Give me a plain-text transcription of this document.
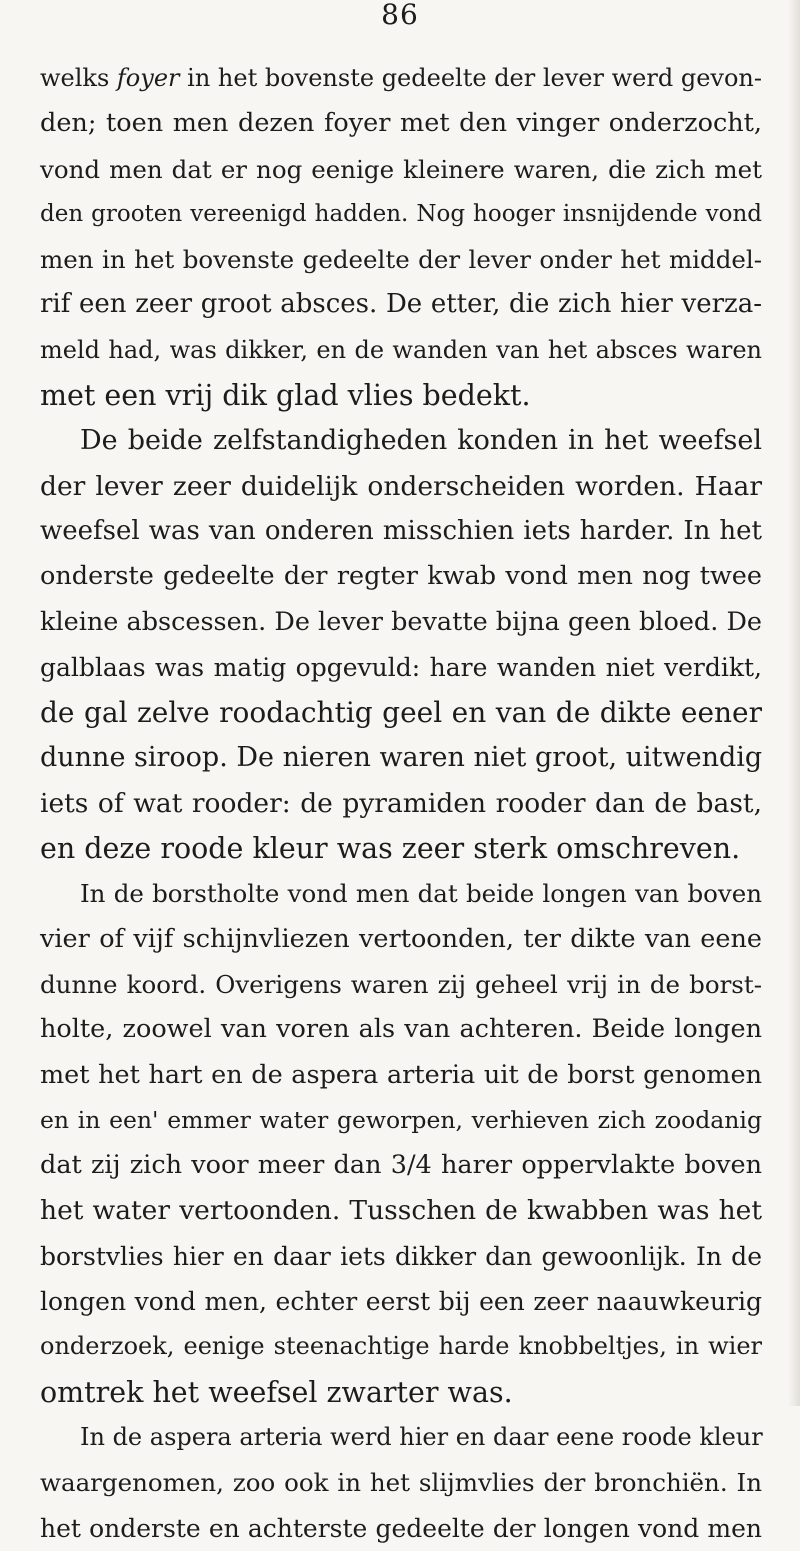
86
welks foyer in het bovenste gedeelte der lever werd gevon-
den; toen men dezen foyer met den vinger onderzocht,
vond men dat er nog eenige kleinere waren, die zich met
den grooten vereenigd hadden. Nog hooger insnijdende vond
men in het bovenste gedeelte der lever onder het middel-
rif een zeer groot absces. De etter, die zich hier verza-
meld had, was dikker, en de wanden van het absces waren
met een vrij dik glad vlies bedekt.
De beide zelfstandigheden konden in het weefsel
der lever zeer duidelijk onderscheiden worden. Haar
weefsel was van onderen misschien iets harder. In het
onderste gedeelte der regter kwab vond men nog twee
kleine abscessen. De lever bevatte bijna geen bloed. De
galblaas was matig opgevuld: hare wanden niet verdikt,
de gal zelve roodachtig geel en van de dikte eener
dunne siroop. De nieren waren niet groot, uitwendig
iets of wat rooder: de pyramiden rooder dan de bast,
en deze roode kleur was zeer sterk omschreven.
In de borstholte vond men dat beide longen van boven
vier of vijf schijnvliezen vertoonden, ter dikte van eene
dunne koord. Overigens waren zij geheel vrij in de borst-
holte, zoowel van voren als van achteren. Beide longen
met het hart en de aspera arteria uit de borst genomen
en in een' emmer water geworpen, verhieven zich zoodanig
dat zij zich voor meer dan 3/4 harer oppervlakte boven
het water vertoonden. Tusschen de kwabben was het
borstvlies hier en daar iets dikker dan gewoonlijk. In de
longen vond men, echter eerst bij een zeer naauwkeurig
onderzoek, eenige steenachtige harde knobbeltjes, in wier
omtrek het weefsel zwarter was.
In de aspera arteria werd hier en daar eene roode kleur
waargenomen, zoo ook in het slijmvlies der bronchiën. In
het onderste en achterste gedeelte der longen vond men
